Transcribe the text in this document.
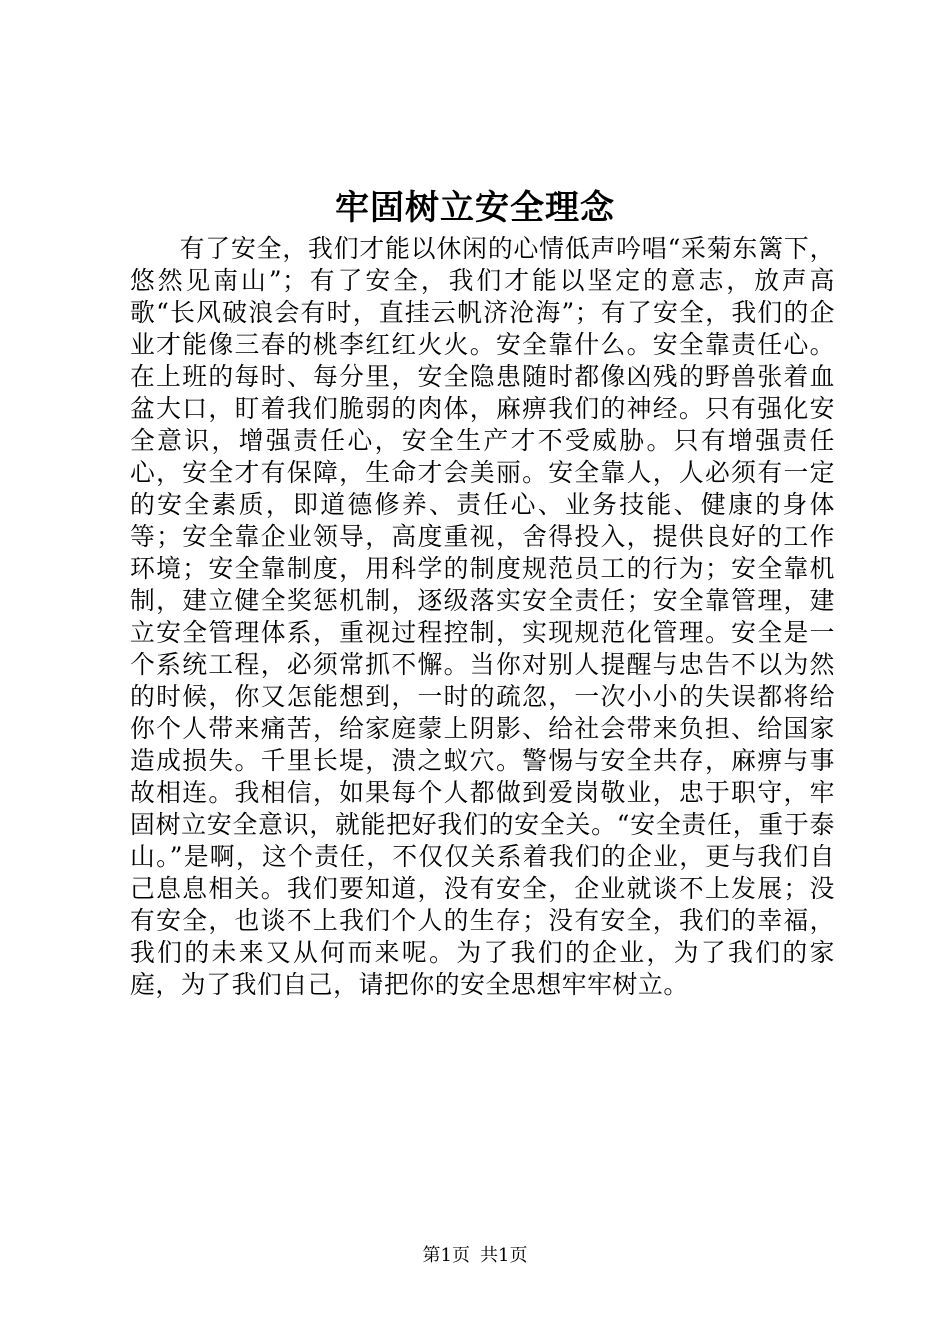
牢固树立安全理念

有了安全，我们才能以休闲的心情低声吟唱“采菊东篱下，悠然见南山”；有了安全，我们才能以坚定的意志，放声高歌“长风破浪会有时，直挂云帆济沧海”；有了安全，我们的企业才能像三春的桃李红红火火。安全靠什么。安全靠责任心。在上班的每时、每分里，安全隐患随时都像凶残的野兽张着血盆大口，盯着我们脆弱的肉体，麻痹我们的神经。只有强化安全意识，增强责任心，安全生产才不受威胁。只有增强责任心，安全才有保障，生命才会美丽。安全靠人，人必须有一定的安全素质，即道德修养、责任心、业务技能、健康的身体等；安全靠企业领导，高度重视，舍得投入，提供良好的工作环境；安全靠制度，用科学的制度规范员工的行为；安全靠机制，建立健全奖惩机制，逐级落实安全责任；安全靠管理，建立安全管理体系，重视过程控制，实现规范化管理。安全是一个系统工程，必须常抓不懈。当你对别人提醒与忠告不以为然的时候，你又怎能想到，一时的疏忽，一次小小的失误都将给你个人带来痛苦，给家庭蒙上阴影、给社会带来负担、给国家造成损失。千里长堤，溃之蚁穴。警惕与安全共存，麻痹与事故相连。我相信，如果每个人都做到爱岗敬业，忠于职守，牢固树立安全意识，就能把好我们的安全关。“安全责任，重于泰山。”是啊，这个责任，不仅仅关系着我们的企业，更与我们自己息息相关。我们要知道，没有安全，企业就谈不上发展；没有安全，也谈不上我们个人的生存；没有安全，我们的幸福，我们的未来又从何而来呢。为了我们的企业，为了我们的家庭，为了我们自己，请把你的安全思想牢牢树立。

第1页 共1页
